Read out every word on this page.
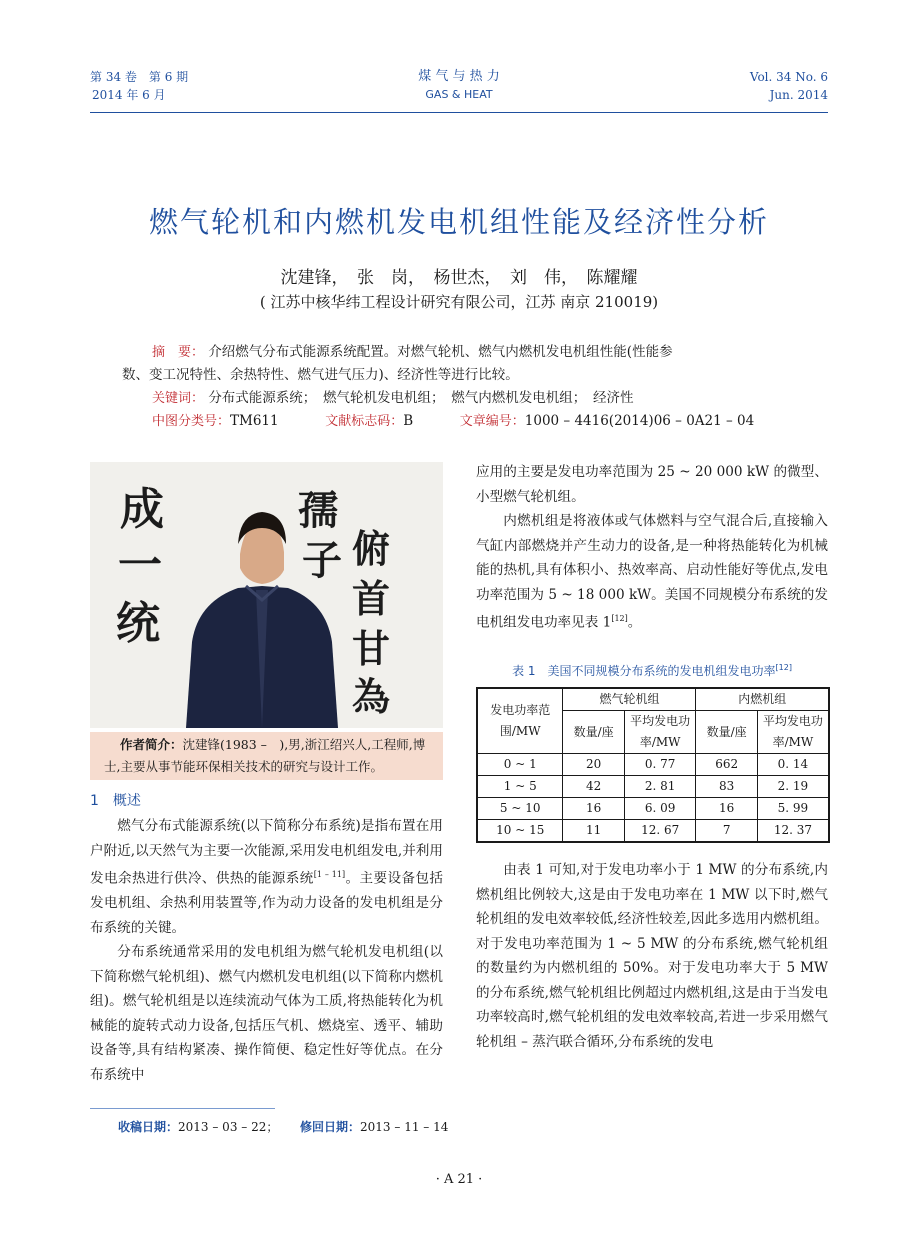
第 34 卷　第 6 期
2014 年 6 月
煤 气 与 热 力
GAS & HEAT
Vol. 34 No. 6
Jun. 2014
燃气轮机和内燃机发电机组性能及经济性分析
沈建锋，　张　岗，　杨世杰，　刘　伟，　陈耀耀
( 江苏中核华纬工程设计研究有限公司，江苏 南京 210019)
摘　要： 介绍燃气分布式能源系统配置。对燃气轮机、燃气内燃机发电机组性能(性能参
数、变工况特性、余热特性、燃气进气压力)、经济性等进行比较。
关键词： 分布式能源系统；　燃气轮机发电机组；　燃气内燃机发电机组；　经济性
中图分类号：TM611	文献标志码：B	文章编号：1000 – 4416(2014)06 – 0A21 – 04
成
一
统
孺
子 俯
首
甘
為
作者简介：沈建锋(1983 –　),男,浙江绍兴人,工程师,博士,主要从事节能环保相关技术的研究与设计工作。
1　概述

燃气分布式能源系统(以下简称分布系统)是指布置在用户附近,以天然气为主要一次能源,采用发电机组发电,并利用发电余热进行供冷、供热的能源系统[1 – 11]。主要设备包括发电机组、余热利用装置等,作为动力设备的发电机组是分布系统的关键。

分布系统通常采用的发电机组为燃气轮机发电机组(以下简称燃气轮机组)、燃气内燃机发电机组(以下简称内燃机组)。燃气轮机组是以连续流动气体为工质,将热能转化为机械能的旋转式动力设备,包括压气机、燃烧室、透平、辅助设备等,具有结构紧凑、操作简便、稳定性好等优点。在分布系统中

应用的主要是发电功率范围为 25 ~ 20 000 kW 的微型、小型燃气轮机组。

内燃机组是将液体或气体燃料与空气混合后,直接输入气缸内部燃烧并产生动力的设备,是一种将热能转化为机械能的热机,具有体积小、热效率高、启动性能好等优点,发电功率范围为 5 ~ 18 000 kW。美国不同规模分布系统的发电机组发电功率见表 1[12]。

表 1　美国不同规模分布系统的发电机组发电功率[12]
发电功率范围/MW	燃气轮机组		内燃机组	
	数量/座	平均发电功率/MW	数量/座	平均发电功率/MW

0 ~ 1	20	0. 77	662	0. 14
1 ~ 5	42	2. 81	83	2. 19
5 ~ 10	16	6. 09	16	5. 99
10 ~ 15	11	12. 67	7	12. 37

由表 1 可知,对于发电功率小于 1 MW 的分布系统,内燃机组比例较大,这是由于发电功率在 1 MW 以下时,燃气轮机组的发电效率较低,经济性较差,因此多选用内燃机组。对于发电功率范围为 1 ~ 5 MW 的分布系统,燃气轮机组的数量约为内燃机组的 50%。对于发电功率大于 5 MW 的分布系统,燃气轮机组比例超过内燃机组,这是由于当发电功率较高时,燃气轮机组的发电效率较高,若进一步采用燃气轮机组 – 蒸汽联合循环,分布系统的发电

收稿日期：2013 – 03 – 22； 修回日期：2013 – 11 – 14
· A 21 ·
